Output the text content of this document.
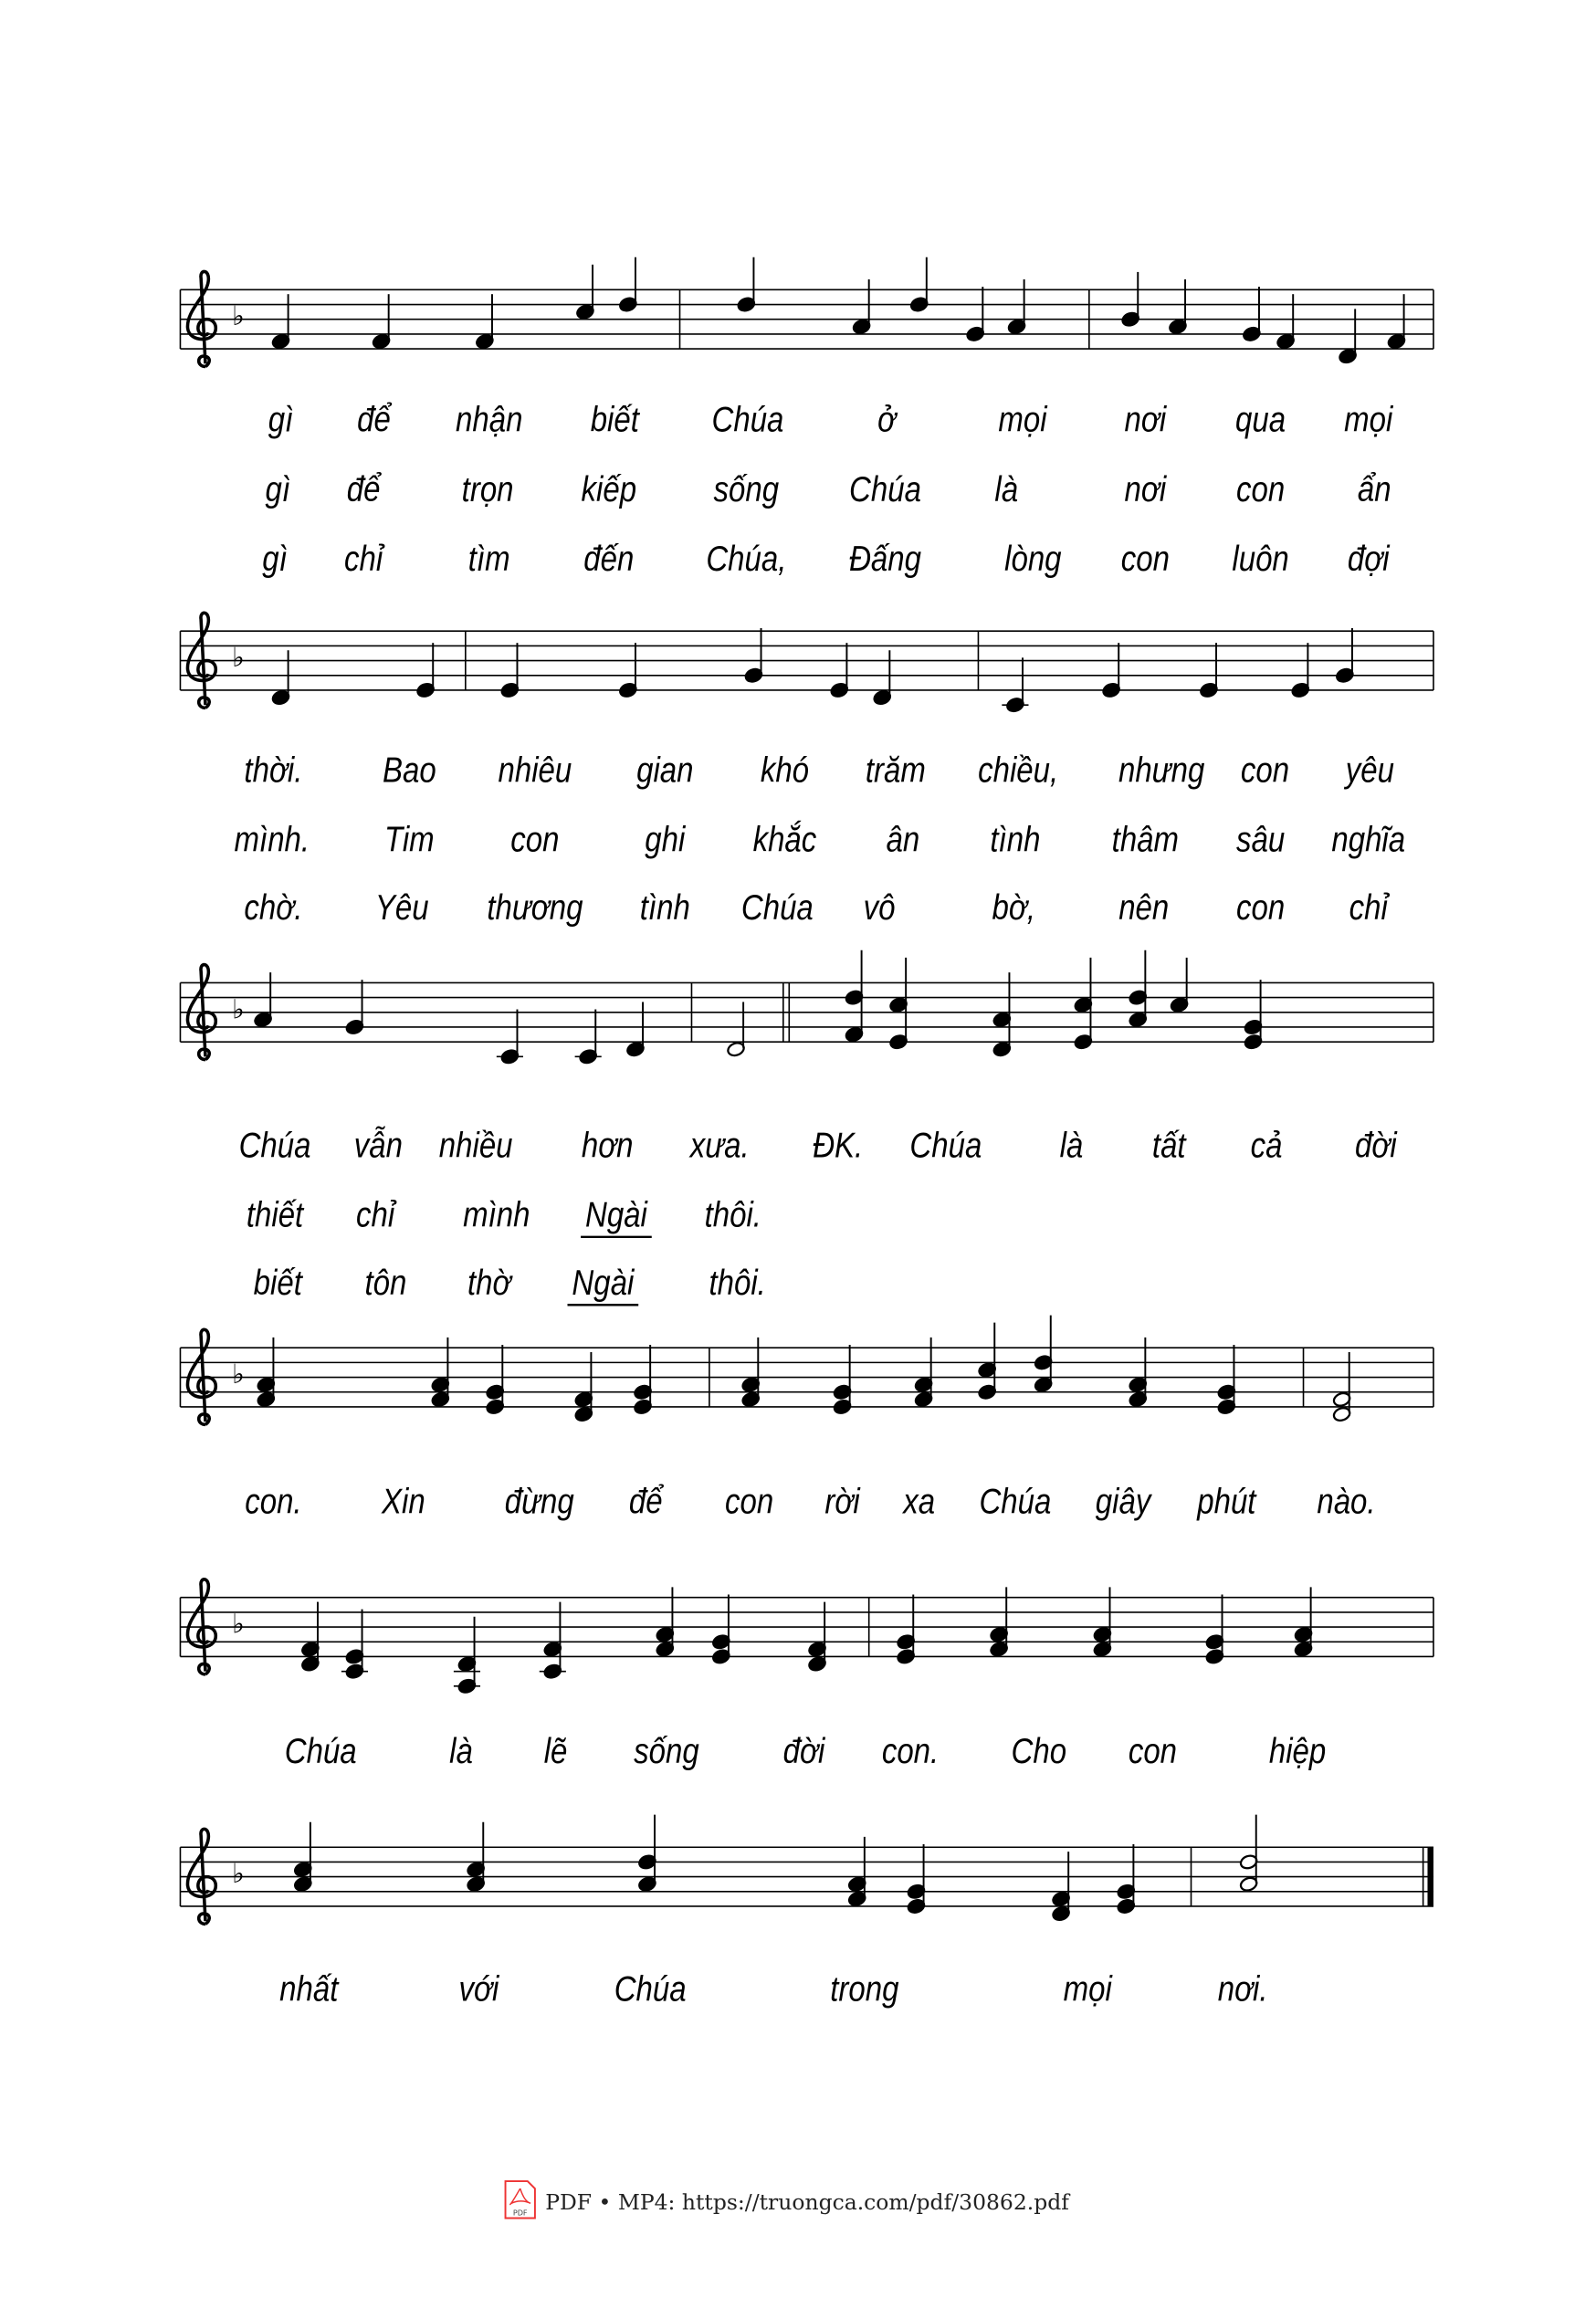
♭
♭
♭
♭
♭
♭
gì	để	nhận	biết	Chúa	ở	mọi	nơi	qua	mọi
gì	để	trọn	kiếp	sống	Chúa	là	nơi	con	ẩn
gì	chỉ	tìm	đến	Chúa,	Đấng	lòng	con	luôn	đợi
thời.	Bao	nhiêu	gian	khó	trăm chiều,	nhưng con	yêu
mình.	Tim	con	ghi	khắc	ân	tình	thâm	sâu nghĩa
chờ.	Yêu	thương	tình Chúa vô	bờ,	nên	con	chỉ
Chúa vẫn nhiều	hơn	xưa.	ĐK. Chúa	là	tất	cả	đời
thiết chỉ	mình	Ngài	thôi.
biết	tôn	thờ	Ngài	thôi.
con.	Xin	đừng	để	con rời xa Chúa giây phút	nào.
Chúa	là	lẽ	sống	đời	con.	Cho	con	hiệp
nhất	với	Chúa	trong	mọi	nơi.
PDF PDF • MP4: https://truongca.com/pdf/30862.pdf
